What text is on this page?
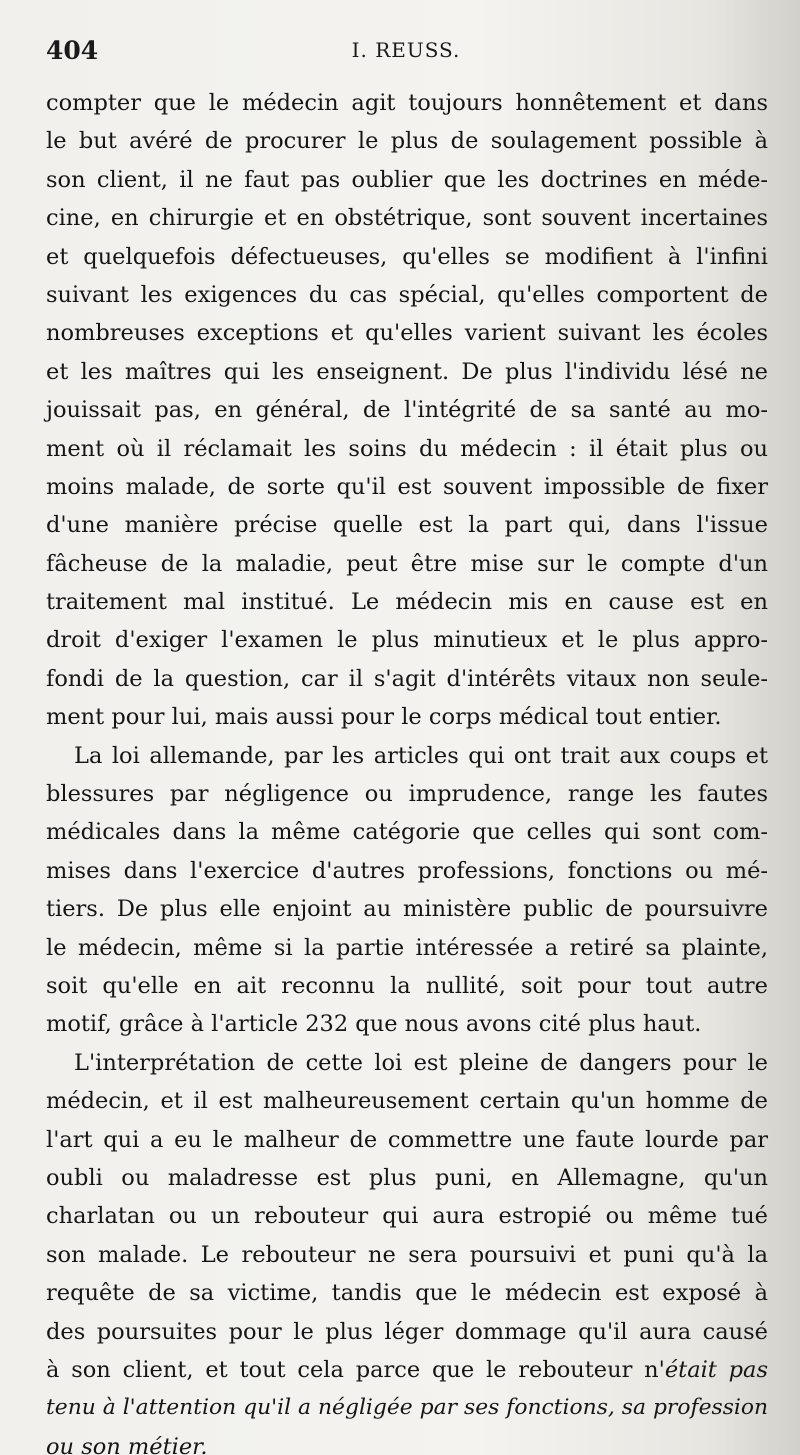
404	I. REUSS.
compter que le médecin agit toujours honnêtement et dans
le but avéré de procurer le plus de soulagement possible à
son client, il ne faut pas oublier que les doctrines en méde-
cine, en chirurgie et en obstétrique, sont souvent incertaines
et quelquefois défectueuses, qu'elles se modifient à l'infini
suivant les exigences du cas spécial, qu'elles comportent de
nombreuses exceptions et qu'elles varient suivant les écoles
et les maîtres qui les enseignent. De plus l'individu lésé ne
jouissait pas, en général, de l'intégrité de sa santé au mo-
ment où il réclamait les soins du médecin : il était plus ou
moins malade, de sorte qu'il est souvent impossible de fixer
d'une manière précise quelle est la part qui, dans l'issue
fâcheuse de la maladie, peut être mise sur le compte d'un
traitement mal institué. Le médecin mis en cause est en
droit d'exiger l'examen le plus minutieux et le plus appro-
fondi de la question, car il s'agit d'intérêts vitaux non seule-
ment pour lui, mais aussi pour le corps médical tout entier.
La loi allemande, par les articles qui ont trait aux coups et
blessures par négligence ou imprudence, range les fautes
médicales dans la même catégorie que celles qui sont com-
mises dans l'exercice d'autres professions, fonctions ou mé-
tiers. De plus elle enjoint au ministère public de poursuivre
le médecin, même si la partie intéressée a retiré sa plainte,
soit qu'elle en ait reconnu la nullité, soit pour tout autre
motif, grâce à l'article 232 que nous avons cité plus haut.
L'interprétation de cette loi est pleine de dangers pour le
médecin, et il est malheureusement certain qu'un homme de
l'art qui a eu le malheur de commettre une faute lourde par
oubli ou maladresse est plus puni, en Allemagne, qu'un
charlatan ou un rebouteur qui aura estropié ou même tué
son malade. Le rebouteur ne sera poursuivi et puni qu'à la
requête de sa victime, tandis que le médecin est exposé à
des poursuites pour le plus léger dommage qu'il aura causé
à son client, et tout cela parce que le rebouteur n'était pas
tenu à l'attention qu'il a négligée par ses fonctions, sa profession
ou son métier.
